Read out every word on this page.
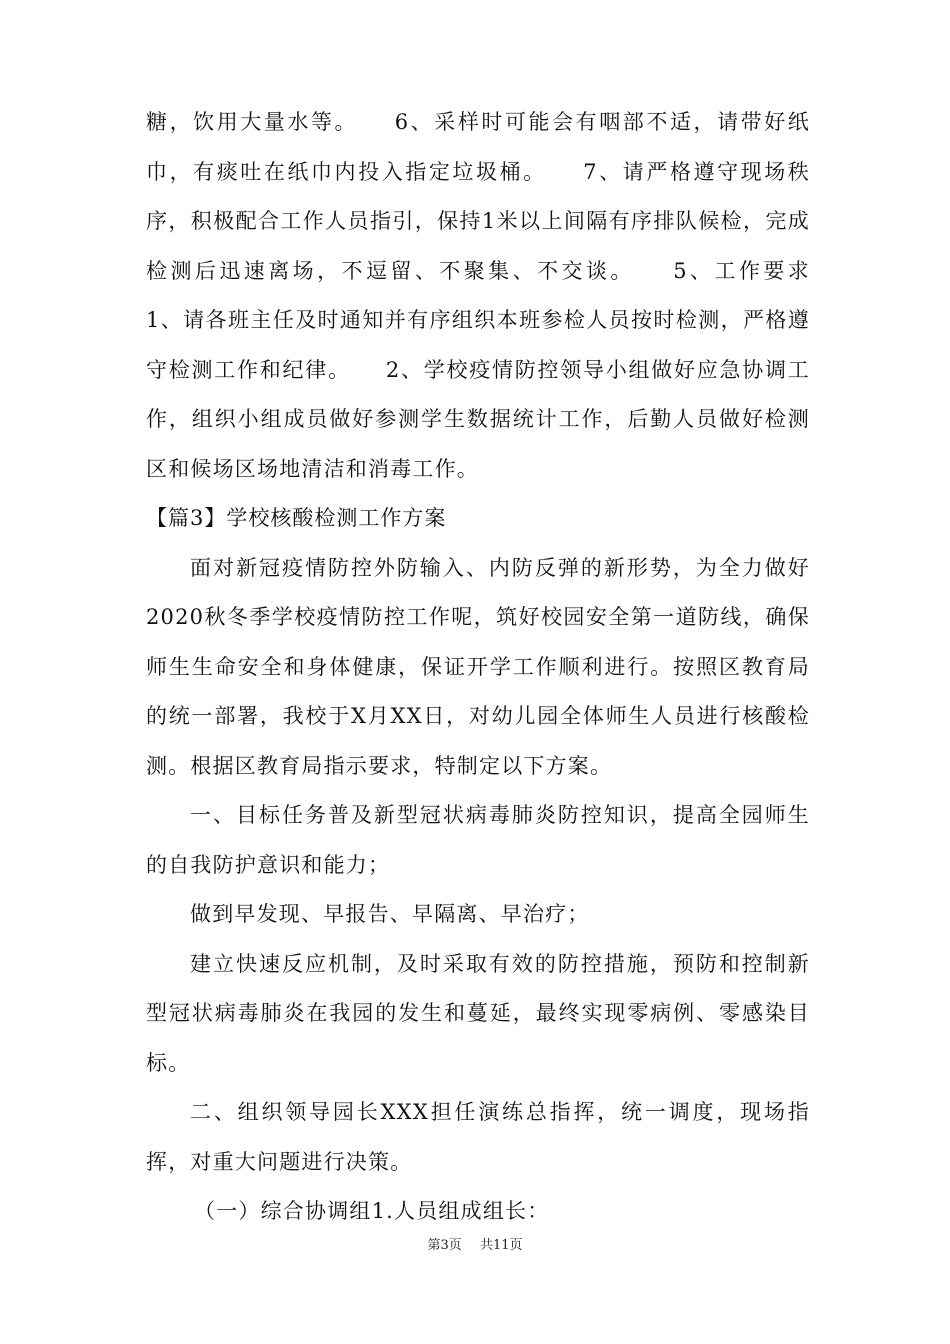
糖，饮用大量水等。　　6、采样时可能会有咽部不适，请带好纸巾，有痰吐在纸巾内投入指定垃圾桶。　　7、请严格遵守现场秩序，积极配合工作人员指引，保持1米以上间隔有序排队候检，完成检测后迅速离场，不逗留、不聚集、不交谈。　　5、工作要求　　1、请各班主任及时通知并有序组织本班参检人员按时检测，严格遵守检测工作和纪律。　　2、学校疫情防控领导小组做好应急协调工作，组织小组成员做好参测学生数据统计工作，后勤人员做好检测区和候场区场地清洁和消毒工作。

【篇3】学校核酸检测工作方案

面对新冠疫情防控外防输入、内防反弹的新形势，为全力做好2020秋冬季学校疫情防控工作呢，筑好校园安全第一道防线，确保师生生命安全和身体健康，保证开学工作顺利进行。按照区教育局的统一部署，我校于X月XX日，对幼儿园全体师生人员进行核酸检测。根据区教育局指示要求，特制定以下方案。

一、目标任务普及新型冠状病毒肺炎防控知识，提高全园师生的自我防护意识和能力；

做到早发现、早报告、早隔离、早治疗；

建立快速反应机制，及时采取有效的防控措施，预防和控制新型冠状病毒肺炎在我园的发生和蔓延，最终实现零病例、零感染目标。

二、组织领导园长XXX担任演练总指挥，统一调度，现场指挥，对重大问题进行决策。

（一）综合协调组1.人员组成组长：

第3页 共11页
